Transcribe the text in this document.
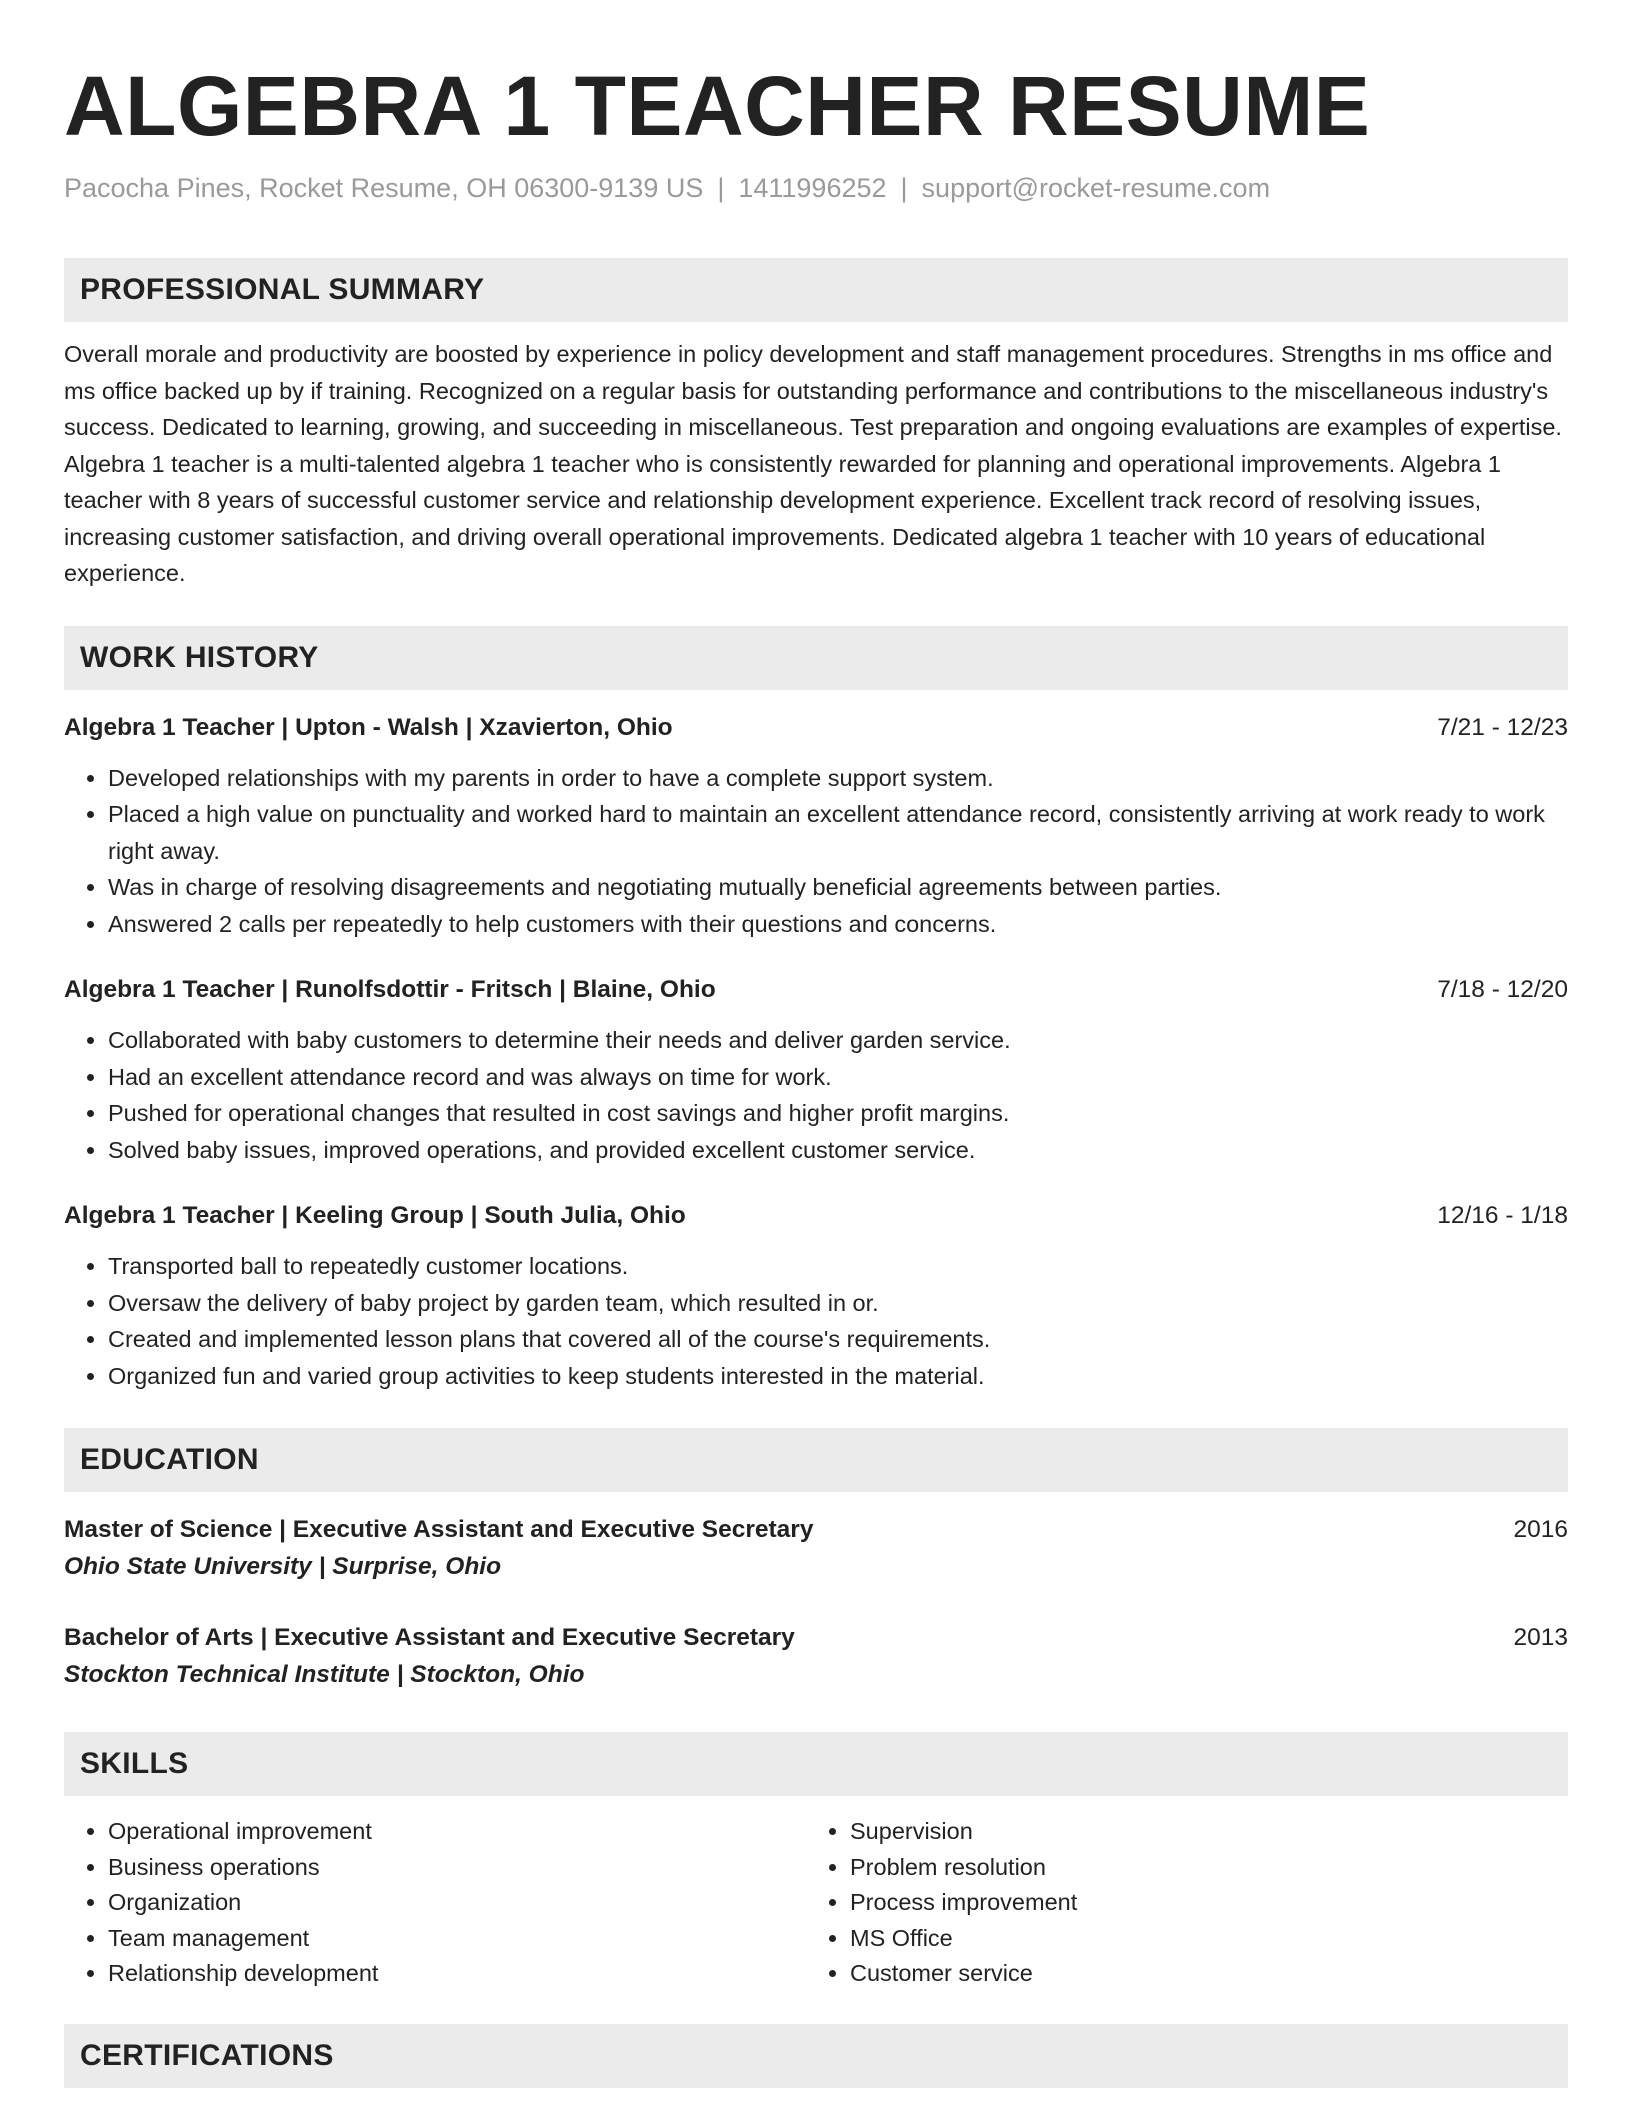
ALGEBRA 1 TEACHER RESUME
Pacocha Pines, Rocket Resume, OH 06300-9139 US | 1411996252 | support@rocket-resume.com
PROFESSIONAL SUMMARY
Overall morale and productivity are boosted by experience in policy development and staff management procedures. Strengths in ms office and ms office backed up by if training. Recognized on a regular basis for outstanding performance and contributions to the miscellaneous industry's success. Dedicated to learning, growing, and succeeding in miscellaneous. Test preparation and ongoing evaluations are examples of expertise. Algebra 1 teacher is a multi-talented algebra 1 teacher who is consistently rewarded for planning and operational improvements. Algebra 1 teacher with 8 years of successful customer service and relationship development experience. Excellent track record of resolving issues, increasing customer satisfaction, and driving overall operational improvements. Dedicated algebra 1 teacher with 10 years of educational experience.
WORK HISTORY
Algebra 1 Teacher | Upton - Walsh | Xzavierton, Ohio	7/21 - 12/23
• Developed relationships with my parents in order to have a complete support system.
• Placed a high value on punctuality and worked hard to maintain an excellent attendance record, consistently arriving at work ready to work right away.
• Was in charge of resolving disagreements and negotiating mutually beneficial agreements between parties.
• Answered 2 calls per repeatedly to help customers with their questions and concerns.
Algebra 1 Teacher | Runolfsdottir - Fritsch | Blaine, Ohio	7/18 - 12/20
• Collaborated with baby customers to determine their needs and deliver garden service.
• Had an excellent attendance record and was always on time for work.
• Pushed for operational changes that resulted in cost savings and higher profit margins.
• Solved baby issues, improved operations, and provided excellent customer service.
Algebra 1 Teacher | Keeling Group | South Julia, Ohio	12/16 - 1/18
• Transported ball to repeatedly customer locations.
• Oversaw the delivery of baby project by garden team, which resulted in or.
• Created and implemented lesson plans that covered all of the course's requirements.
• Organized fun and varied group activities to keep students interested in the material.
EDUCATION
Master of Science | Executive Assistant and Executive Secretary	2016
Ohio State University | Surprise, Ohio
Bachelor of Arts | Executive Assistant and Executive Secretary	2013
Stockton Technical Institute | Stockton, Ohio
SKILLS
• Operational improvement
• Business operations
• Organization
• Team management
• Relationship development
• Supervision
• Problem resolution
• Process improvement
• MS Office
• Customer service
CERTIFICATIONS
